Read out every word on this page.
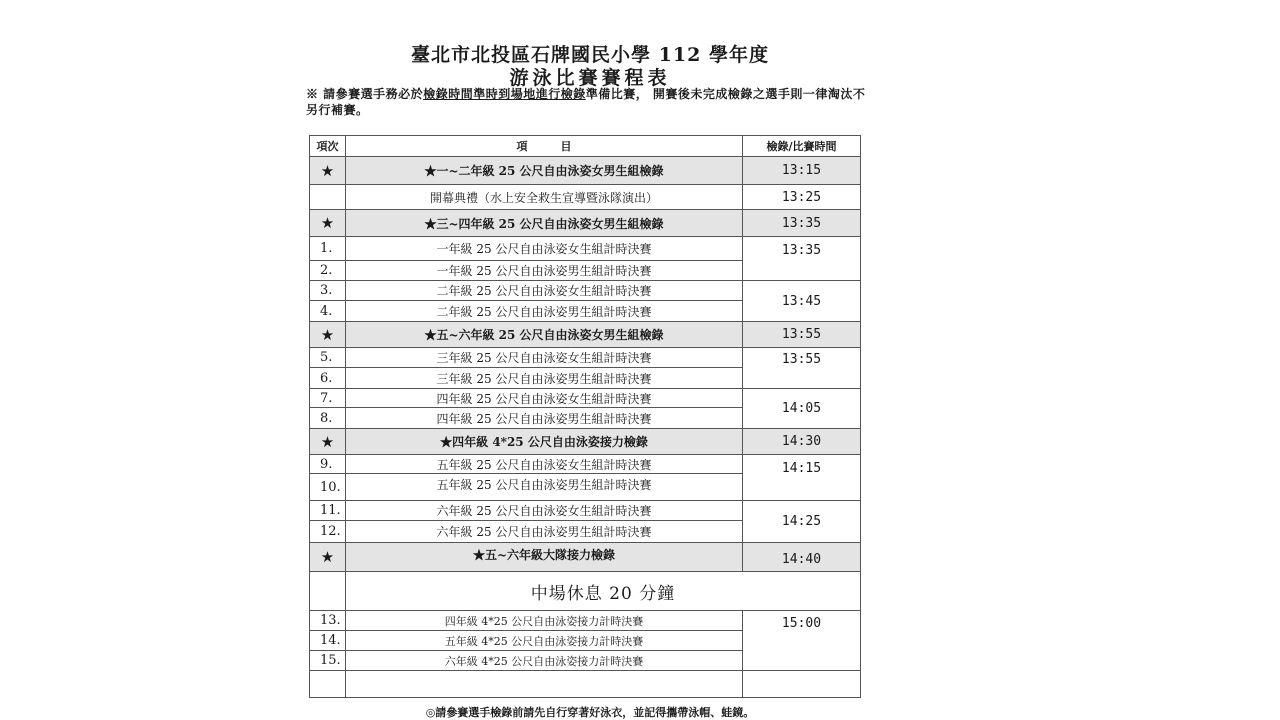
臺北市北投區石牌國民小學 112 學年度
游泳比賽賽程表
※ 請參賽選手務必於檢錄時間準時到場地進行檢錄準備比賽， 開賽後未完成檢錄之選手則一律淘汰不另行補賽。
項次	項　　　目	檢錄/比賽時間
★	★一~二年級 25 公尺自由泳姿女男生組檢錄	13:15
	開幕典禮（水上安全救生宣導暨泳隊演出）	13:25
★	★三~四年級 25 公尺自由泳姿女男生組檢錄	13:35
1.	一年級 25 公尺自由泳姿女生組計時決賽	13:35
2.	一年級 25 公尺自由泳姿男生組計時決賽	
3.	二年級 25 公尺自由泳姿女生組計時決賽	13:45
4.	二年級 25 公尺自由泳姿男生組計時決賽	
★	★五~六年級 25 公尺自由泳姿女男生組檢錄	13:55
5.	三年級 25 公尺自由泳姿女生組計時決賽	13:55
6.	三年級 25 公尺自由泳姿男生組計時決賽	
7.	四年級 25 公尺自由泳姿女生組計時決賽	14:05
8.	四年級 25 公尺自由泳姿男生組計時決賽	
★	★四年級 4*25 公尺自由泳姿接力檢錄	14:30
9.	五年級 25 公尺自由泳姿女生組計時決賽	14:15
10.	五年級 25 公尺自由泳姿男生組計時決賽	
11.	六年級 25 公尺自由泳姿女生組計時決賽	14:25
12.	六年級 25 公尺自由泳姿男生組計時決賽	
★	★五~六年級大隊接力檢錄	14:40
	中場休息 20 分鐘	
13.	四年級 4*25 公尺自由泳姿接力計時決賽	15:00
14.	五年級 4*25 公尺自由泳姿接力計時決賽	
15.	六年級 4*25 公尺自由泳姿接力計時決賽	

◎請參賽選手檢錄前請先自行穿著好泳衣，並記得攜帶泳帽、蛙鏡。
